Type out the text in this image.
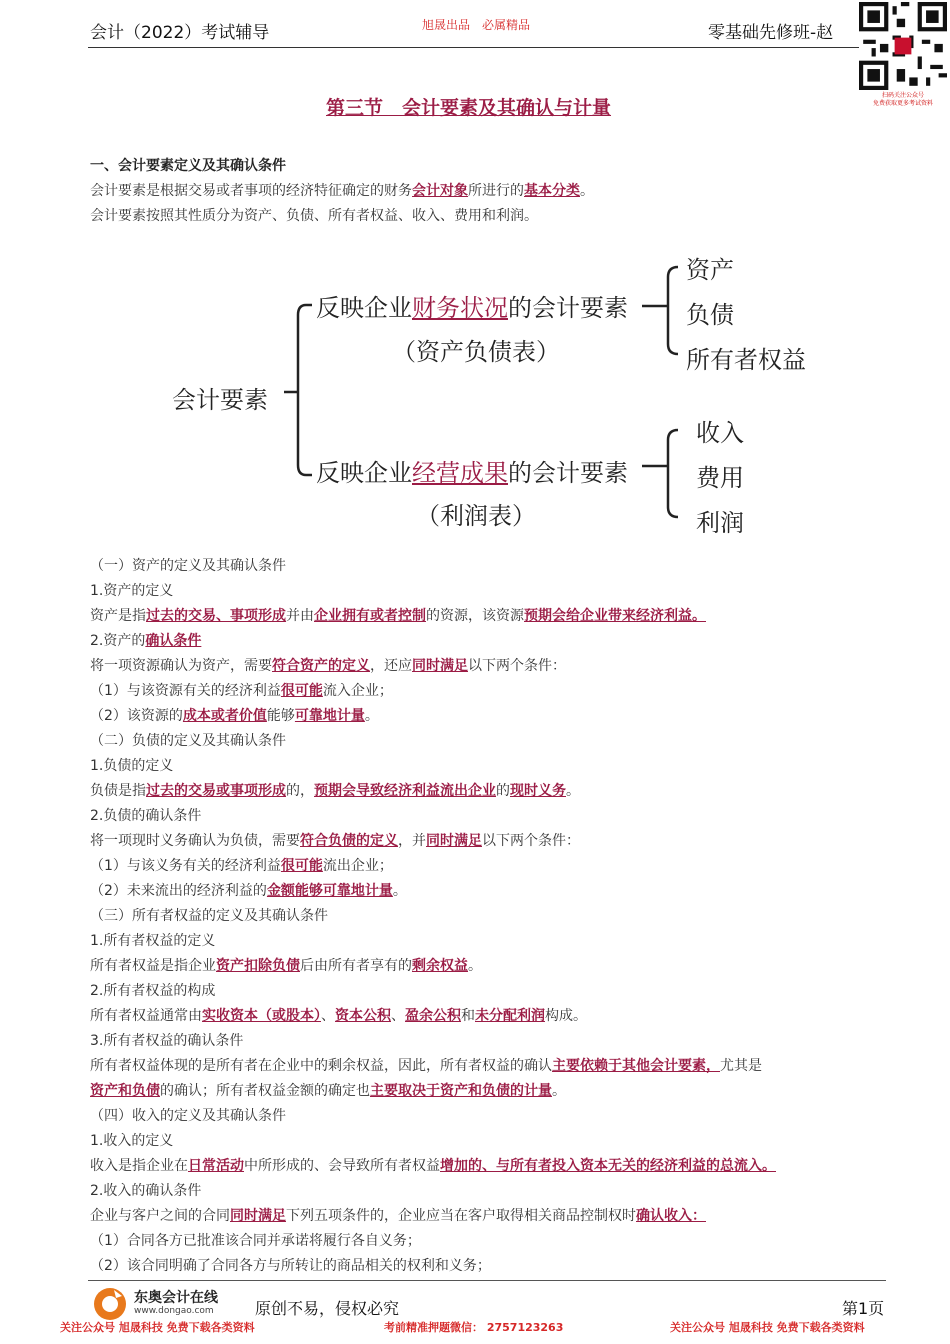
会计（2022）考试辅导	旭晟出品　必属精品	零基础先修班-赵
扫码关注公众号
免费获取更多考试资料
第三节　会计要素及其确认与计量
一、会计要素定义及其确认条件
会计要素是根据交易或者事项的经济特征确定的财务会计对象所进行的基本分类。
会计要素按照其性质分为资产、负债、所有者权益、收入、费用和利润。
会计要素
反映企业财务状况的会计要素
（资产负债表）
资产
负债
所有者权益
反映企业经营成果的会计要素
（利润表）
收入
费用
利润
（一）资产的定义及其确认条件
1.资产的定义
资产是指过去的交易、事项形成并由企业拥有或者控制的资源，该资源预期会给企业带来经济利益。
2.资产的确认条件
将一项资源确认为资产，需要符合资产的定义，还应同时满足以下两个条件：
（1）与该资源有关的经济利益很可能流入企业；
（2）该资源的成本或者价值能够可靠地计量。
（二）负债的定义及其确认条件
1.负债的定义
负债是指过去的交易或事项形成的，预期会导致经济利益流出企业的现时义务。
2.负债的确认条件
将一项现时义务确认为负债，需要符合负债的定义，并同时满足以下两个条件：
（1）与该义务有关的经济利益很可能流出企业；
（2）未来流出的经济利益的金额能够可靠地计量。
（三）所有者权益的定义及其确认条件
1.所有者权益的定义
所有者权益是指企业资产扣除负债后由所有者享有的剩余权益。
2.所有者权益的构成
所有者权益通常由实收资本（或股本）、资本公积、盈余公积和未分配利润构成。
3.所有者权益的确认条件
所有者权益体现的是所有者在企业中的剩余权益，因此，所有者权益的确认主要依赖于其他会计要素，尤其是
资产和负债的确认；所有者权益金额的确定也主要取决于资产和负债的计量。
（四）收入的定义及其确认条件
1.收入的定义
收入是指企业在日常活动中所形成的、会导致所有者权益增加的、与所有者投入资本无关的经济利益的总流入。
2.收入的确认条件
企业与客户之间的合同同时满足下列五项条件的，企业应当在客户取得相关商品控制权时确认收入：
（1）合同各方已批准该合同并承诺将履行各自义务；
（2）该合同明确了合同各方与所转让的商品相关的权利和义务；
东奥会计在线
www.dongao.com	原创不易，侵权必究	第1页
关注公众号 旭晟科技 免费下载各类资料	考前精准押题微信： 2757123263	关注公众号 旭晟科技 免费下载各类资料
